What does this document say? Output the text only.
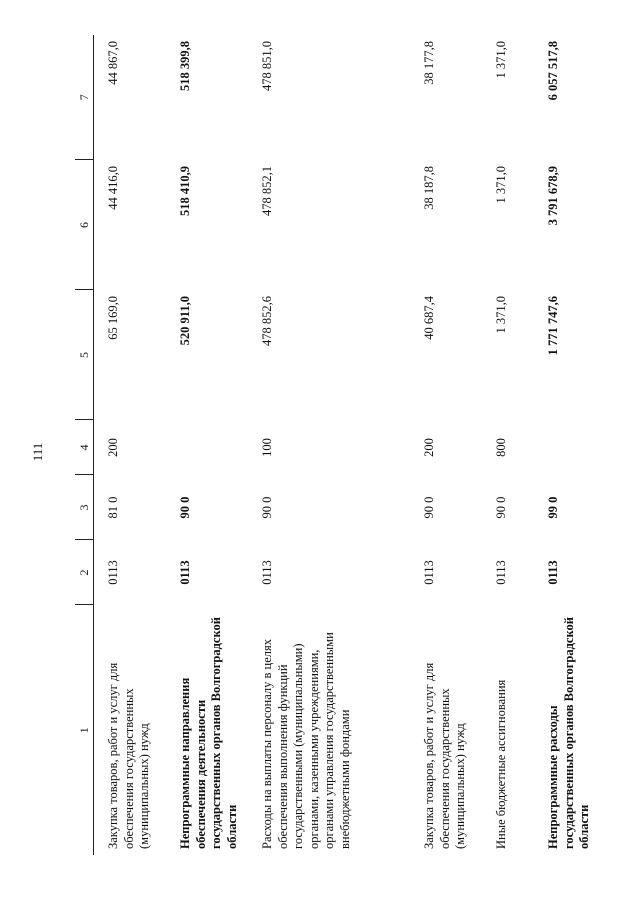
111
1	2	3	4	5	6	7
Закупка товаров, работ и услуг для обеспечения государственных (муниципальных) нужд	0113	81 0	200	65 169,0	44 416,0	44 867,0
Непрограммные направления обеспечения деятельности государственных органов Волгоградской области	0113	90 0		520 911,0	518 410,9	518 399,8
Расходы на выплаты персоналу в целях обеспечения выполнения функций государственными (муниципальными) органами, казенными учреждениями, органами управления государственными внебюджетными фондами	0113	90 0	100	478 852,6	478 852,1	478 851,0
Закупка товаров, работ и услуг для обеспечения государственных (муниципальных) нужд	0113	90 0	200	40 687,4	38 187,8	38 177,8
Иные бюджетные ассигнования	0113	90 0	800	1 371,0	1 371,0	1 371,0
Непрограммные расходы государственных органов Волгоградской области	0113	99 0		1 771 747,6	3 791 678,9	6 057 517,8
